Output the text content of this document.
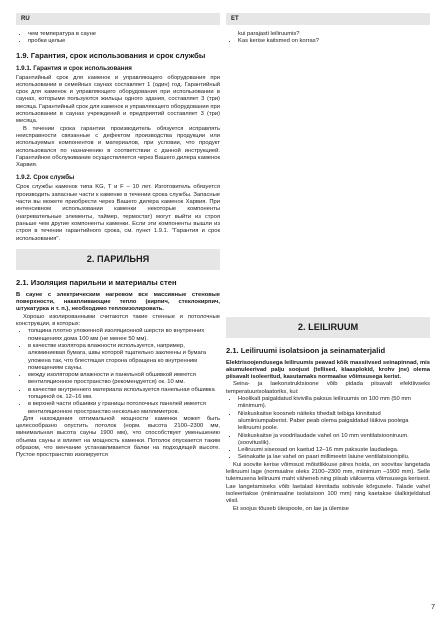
RU	ET
• чем температура в сауне
• пробки целые
1.9. Гарантия, срок использования и срок службы
1.9.1. Гарантия и срок использования

Гарантийный срок для каменок и управляющего оборудования при использовании в семейных саунах составляет 1 (один) год. Гарантийный срок для каменок и управляющего оборудования при использовании в саунах, которыми пользуются жильцы одного здания, составляет 3 (три) месяца. Гарантийный срок для каменок и управляющего оборудования при использовании в саунах учреждений и предприятий составляет 3 (три) месяца.

В течении срока гарантии производитель обязуется исправлять неисправности связанные с дефектом производства продукции или используемых компонентов и материалов, при условии, что продукт использовался по назначению в соответствии с данной инструкцией. Гарантийное обслуживание осуществляется через Вашего дилера каменок Харвия.

1.9.2. Срок службы

Срок службы каменок типа KG, T и F – 10 лет. Изготовитель обязуется производить запасные части к каменке в течении срока службы. Запасные части вы можете приобрести через Вашего дилера каменок Харвия. При интенсивном использовании каменки некоторые компоненты (нагревательные элементы, таймер, термостат) могут выйти из строя раньше чем другие компоненты каменки. Если эти компоненты вышли из строя в течении гарантийного срока, см. пункт 1.9.1. "Гарантия и срок использования".

2. ПАРИЛЬНЯ
2.1. Изоляция парильни и материалы стен

В сауне с электрическим нагревом все массивные стеновые поверхности, накапливающие тепло (кирпич, стеклокирпич, штукатурка и т. п.), необходимо теплоизолировать.

Хорошо изолированными считаются такие стенные и потолочные конструкции, в которых:

• толщина плотно уложенной изоляционной шерсти во внутренних помещениях дома 100 мм (не менее 50 мм).
• в качестве изолятора влажности используется, например, алюминиевая бумага, швы которой тщательно заклеены и бумага уложена так, что блестящая сторона обращена ко внутренним помещениям сауны.
• между изолятором влажности и панельной обшивкой имеется вентиляционное пространство (рекомендуется) ок. 10 мм.
• в качестве внутреннего материала используется панельная обшивка толщиной ок. 12–16 мм.
• в верхней части обшивки у границы потолочных панелей имеется вентиляционное пространство несколько миллиметров.

Для нахождения оптимальной мощности каменки может быть целесообразно опустить потолок (норм. высота 2100–2300 мм, минимальная высота сауны 1900 мм), что способствует уменьшению объема сауны и влияет на мощность каменки. Потолок опускается таким образом, что венчание устанавливается балки на подходящей высоте. Пустое пространство изолируется

kui parajasti leiliruumis?
• Kas kerise kaitsmed on korras?
2. LEILIRUUM
2.1. Leiliruumi isolatsioon ja seinamaterjalid

Elektrisoojendusega leiliruumis peavad kõik massiivsed seinapinnad, mis akumuleerivad palju soojust (tellised, klaasplokid, krohv jne) olema piisavalt isoleeritud, kasutamaks normaalse võimsusega kerist.

Seina- ja laekonstruktsioone võib pidada piisavalt efektiivseks temperatuurisolaatoriks, kui:

• Hoolikalt paigaldatud kivivilla paksus leiliruumis on 100 mm (50 mm miinimum).
• Niiskuskaitse koosneb näiteks tihedalt teibiga kinnitatud alumiiniumpaberist. Paber peab olema paigaldatud läikiva poolega leiliruumi poole.
• Niiskuskaitse ja voodrilaudade vahel on 10 mm ventilatsiooniruum. (soovituslik).
• Leiliruumi siseosad on kaetud 12–16 mm paksuste laudadega.
• Seinakatte ja lae vahel on paari millimeetri laiune ventilatsioonipilu.

Kui soovite kerise võimsust mõistlikkuse piires hoida, on soovitav langetada leiliruumi lage (normaalne oleks 2100–2300 mm, miinimum –1900 mm). Selle tulemusena leiliruumi maht väheneb ning piisab väiksema võimsusega kerisest. Lae langetamiseks võib laetalad kinnitada sobivale kõrgusele. Talade vahel isoleeritakse (miinimaalne isolatsioon 100 mm) ning kaetakse ülalkirjeldatud viisil.

Et soojus tõuseb ülespoole, on lae ja ülemise

7
